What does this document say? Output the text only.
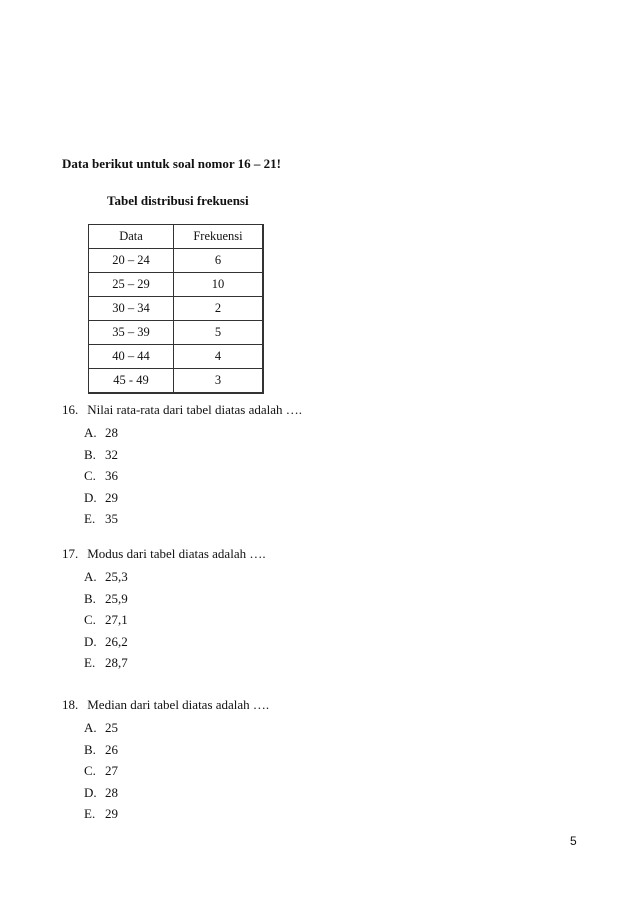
Data berikut untuk soal nomor 16 – 21!
Tabel distribusi frekuensi
Data	Frekuensi
20 – 24	6
25 – 29	10
30 – 34	2
35 – 39	5
40 – 44	4
45 - 49	3
16. Nilai rata-rata dari tabel diatas adalah ….
A. 28
B. 32
C. 36
D. 29
E. 35
17. Modus dari tabel diatas adalah ….
A. 25,3
B. 25,9
C. 27,1
D. 26,2
E. 28,7
18. Median dari tabel diatas adalah ….
A. 25
B. 26
C. 27
D. 28
E. 29
5
